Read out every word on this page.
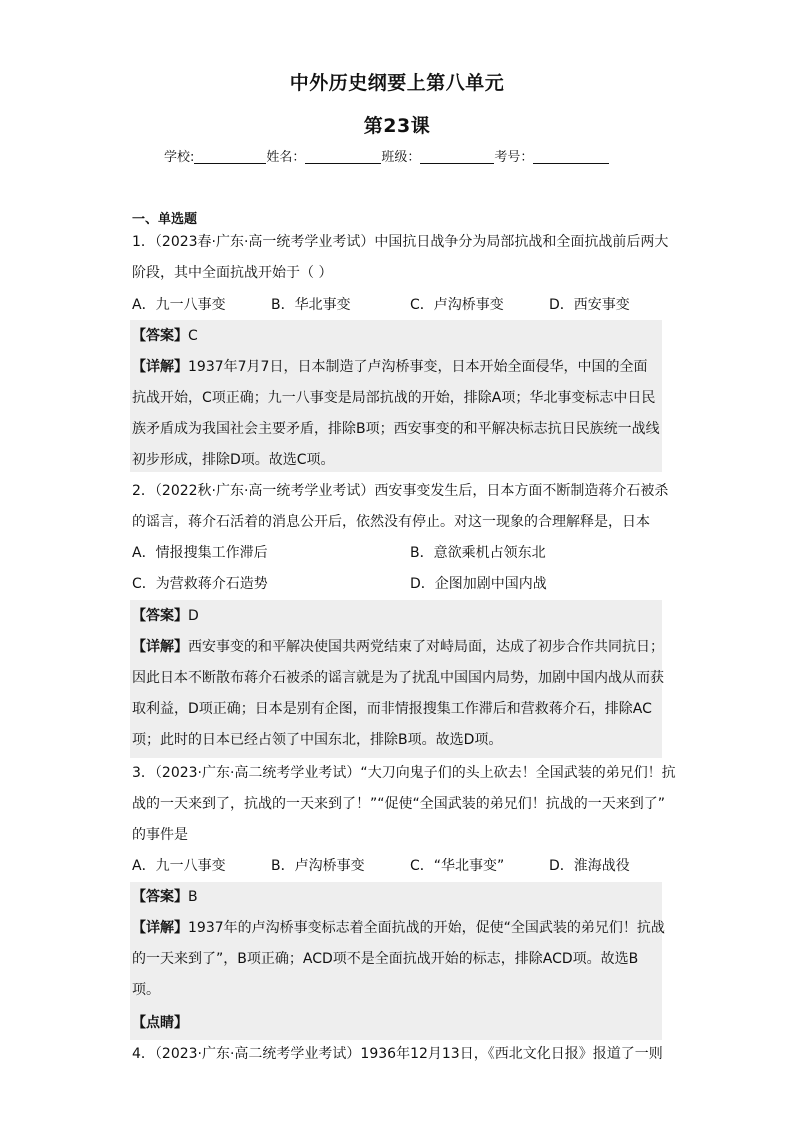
中外历史纲要上第八单元
第23课
学校:	姓名：	班级：	考号：
一、单选题
1．（2023春·广东·高一统考学业考试）中国抗日战争分为局部抗战和全面抗战前后两大
阶段，其中全面抗战开始于（ ）
A．九一八事变	B．华北事变	C．卢沟桥事变	D．西安事变
【答案】C
【详解】1937年7月7日，日本制造了卢沟桥事变，日本开始全面侵华，中国的全面
抗战开始，C项正确；九一八事变是局部抗战的开始，排除A项；华北事变标志中日民
族矛盾成为我国社会主要矛盾，排除B项；西安事变的和平解决标志抗日民族统一战线
初步形成，排除D项。故选C项。
2．（2022秋·广东·高一统考学业考试）西安事变发生后，日本方面不断制造蒋介石被杀
的谣言，蒋介石活着的消息公开后，依然没有停止。对这一现象的合理解释是，日本
A．情报搜集工作滞后	B．意欲乘机占领东北
C．为营救蒋介石造势	D．企图加剧中国内战
【答案】D
【详解】西安事变的和平解决使国共两党结束了对峙局面，达成了初步合作共同抗日；
因此日本不断散布蒋介石被杀的谣言就是为了扰乱中国国内局势，加剧中国内战从而获
取利益，D项正确；日本是别有企图，而非情报搜集工作滞后和营救蒋介石，排除AC
项；此时的日本已经占领了中国东北，排除B项。故选D项。
3．（2023·广东·高二统考学业考试）“大刀向鬼子们的头上砍去！全国武装的弟兄们！抗
战的一天来到了，抗战的一天来到了！”“促使“全国武装的弟兄们！抗战的一天来到了”
的事件是
A．九一八事变	B．卢沟桥事变	C．“华北事变”	D．淮海战役
【答案】B
【详解】1937年的卢沟桥事变标志着全面抗战的开始，促使“全国武装的弟兄们！抗战
的一天来到了”，B项正确；ACD项不是全面抗战开始的标志，排除ACD项。故选B
项。
【点睛】
4．（2023·广东·高二统考学业考试）1936年12月13日，《西北文化日报》报道了一则
